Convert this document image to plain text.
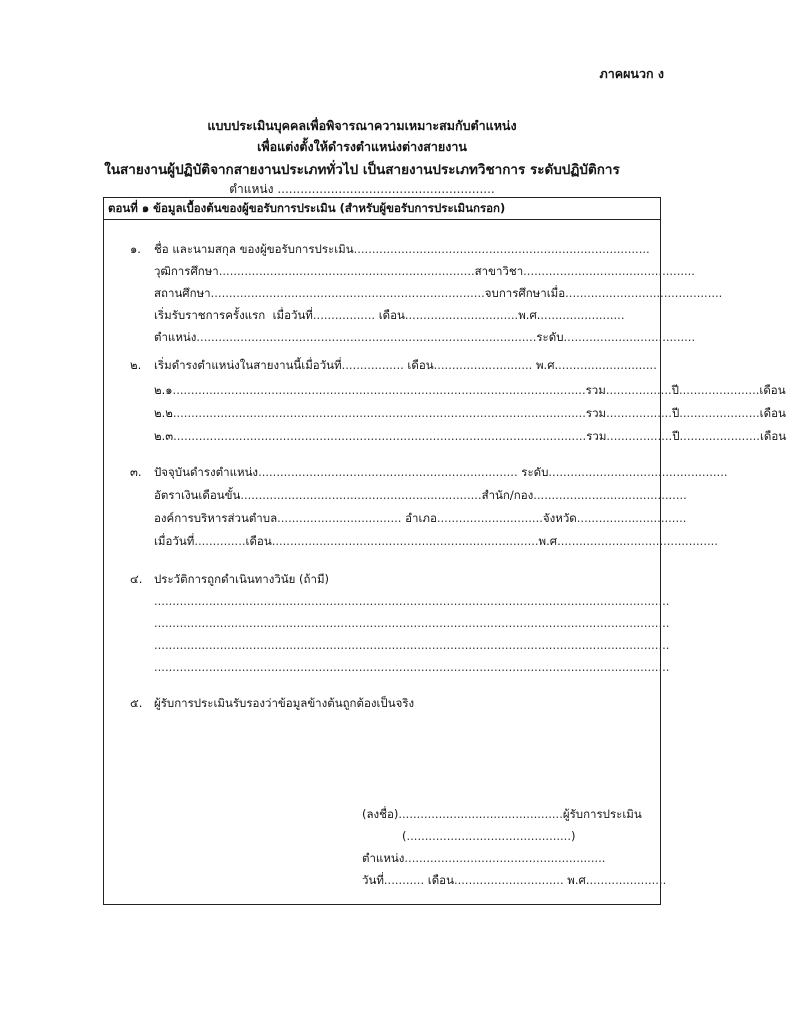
ภาคผนวก ง
แบบประเมินบุคคลเพื่อพิจารณาความเหมาะสมกับตำแหน่ง
เพื่อแต่งตั้งให้ดำรงตำแหน่งต่างสายงาน
ในสายงานผู้ปฏิบัติจากสายงานประเภททั่วไป เป็นสายงานประเภทวิชาการ ระดับปฏิบัติการ
ตำแหน่ง .........................................................
ตอนที่ ๑ ข้อมูลเบื้องต้นของผู้ขอรับการประเมิน (สำหรับผู้ขอรับการประเมินกรอก)
๑. ชื่อ และนามสกุล ของผู้ขอรับการประเมิน.................................................................................
วุฒิการศึกษา......................................................................สาขาวิชา...............................................
สถานศึกษา...........................................................................จบการศึกษาเมื่อ...........................................
เริ่มรับราชการครั้งแรก เมื่อวันที่................. เดือน...............................พ.ศ........................
ตำแหน่ง.............................................................................................ระดับ....................................
๒. เริ่มดำรงตำแหน่งในสายงานนี้เมื่อวันที่................. เดือน........................... พ.ศ............................
๒.๑.................................................................................................................รวม..................ปี......................เดือน
๒.๒.................................................................................................................รวม..................ปี......................เดือน
๒.๓.................................................................................................................รวม..................ปี......................เดือน
๓. ปัจจุบันดำรงตำแหน่ง....................................................................... ระดับ.................................................
อัตราเงินเดือนขั้น..................................................................สำนัก/กอง..........................................
องค์การบริหารส่วนตำบล.................................. อำเภอ.............................จังหวัด..............................
เมื่อวันที่..............เดือน.........................................................................พ.ศ............................................
๔. ประวัติการถูกดำเนินทางวินัย (ถ้ามี)
.............................................................................................................................................
.............................................................................................................................................
.............................................................................................................................................
.............................................................................................................................................
๕. ผู้รับการประเมินรับรองว่าข้อมูลข้างต้นถูกต้องเป็นจริง
(ลงชื่อ).............................................ผู้รับการประเมิน
(.............................................)
ตำแหน่ง.......................................................
วันที่........... เดือน.............................. พ.ศ......................
